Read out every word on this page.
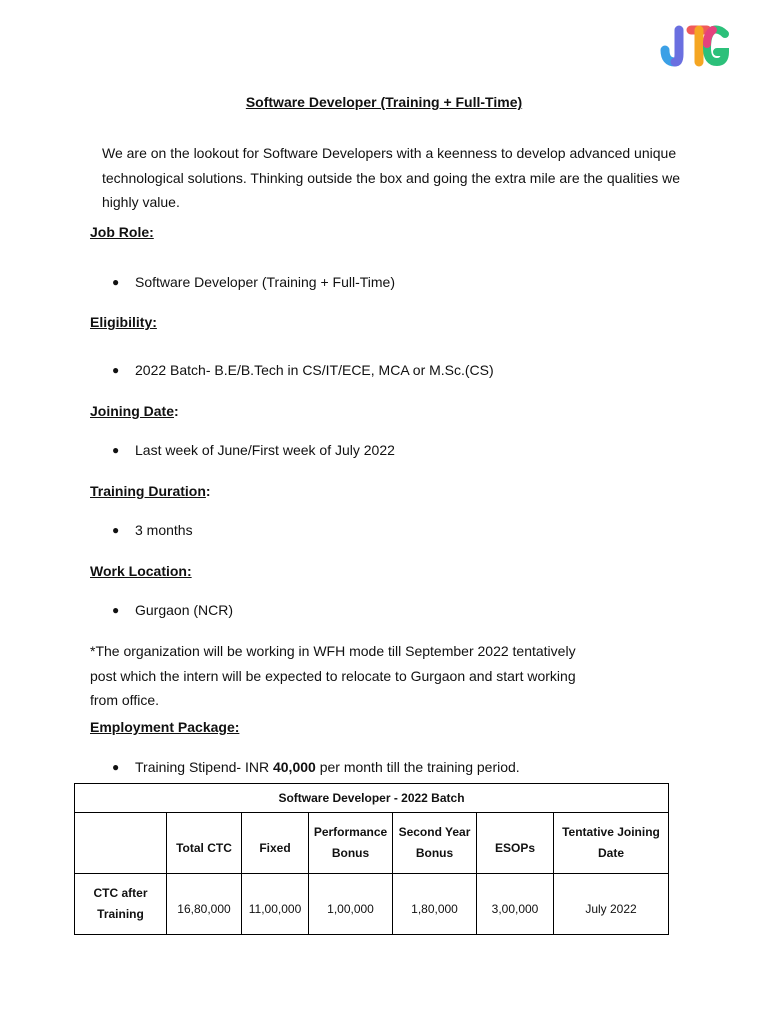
Software Developer (Training + Full-Time)

We are on the lookout for Software Developers with a keenness to develop advanced unique technological solutions. Thinking outside the box and going the extra mile are the qualities we highly value.

Job Role:
●	Software Developer (Training + Full-Time)
Eligibility:
●	2022 Batch- B.E/B.Tech in CS/IT/ECE, MCA or M.Sc.(CS)
Joining Date:
●	Last week of June/First week of July 2022
Training Duration:
●	3 months
Work Location:
●	Gurgaon (NCR)

*The organization will be working in WFH mode till September 2022 tentatively post which the intern will be expected to relocate to Gurgaon and start working from office.

Employment Package:
●	Training Stipend- INR 40,000 per month till the training period.
Software Developer - 2022 Batch						
	Total CTC	Fixed	Performance Bonus	Second Year Bonus	ESOPs	Tentative Joining Date
CTC after Training	16,80,000	11,00,000	1,00,000	1,80,000	3,00,000	July 2022
